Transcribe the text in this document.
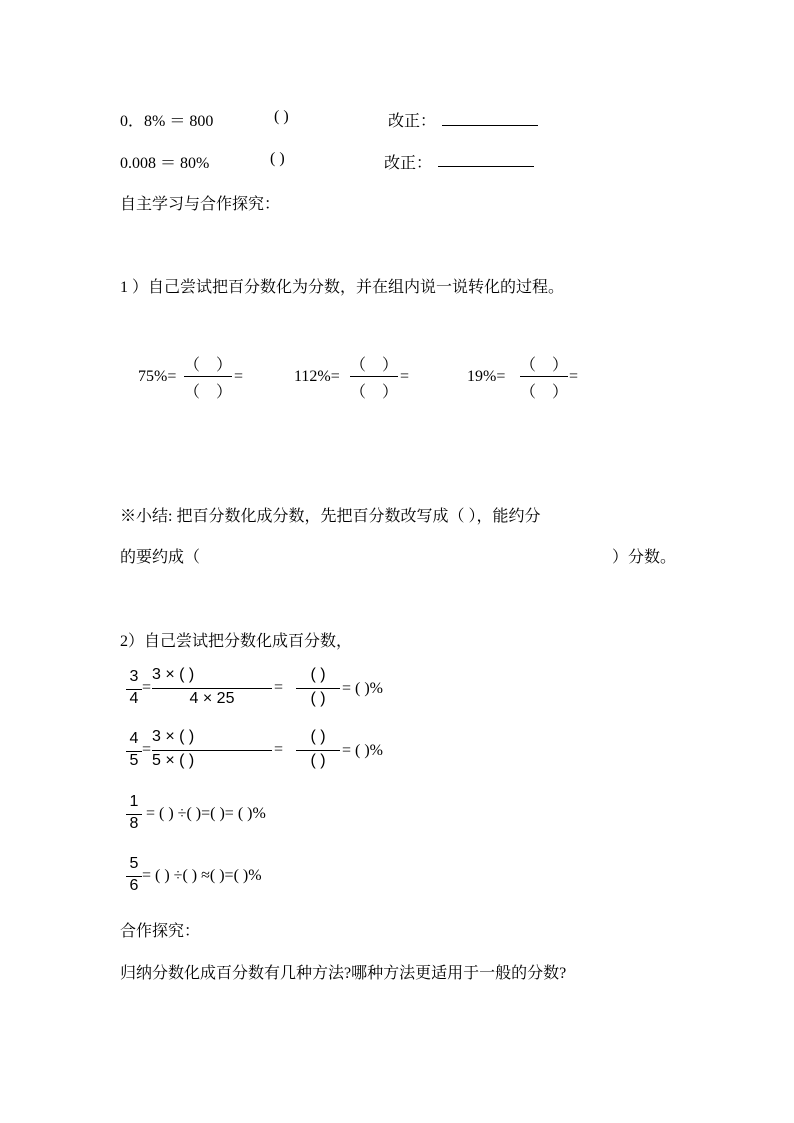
0．8% ＝ 800	( )	改正：
0.008 ＝ 80%	( )	改正：
自主学习与合作探究：
1 ）自己尝试把百分数化为分数，并在组内说一说转化的过程。
75%=
（　）
（　）
=	112%=
（　）
（　）
=	19%=
（　）
（　）
=
※小结: 把百分数化成分数，先把百分数改写成（ ），能约分
的要约成（	）分数。
2）自己尝试把分数化成百分数，
3
4
=
3 × ( )
4 × 25
=
( )
( )
= ( )%
4
5
=
3 × ( )
5 × ( )
=
( )
( )
= ( )%
1
8
= ( ) ÷( )=( )= ( )%
5
6
= ( ) ÷( ) ≈( )=( )%
合作探究：
归纳分数化成百分数有几种方法?哪种方法更适用于一般的分数?
